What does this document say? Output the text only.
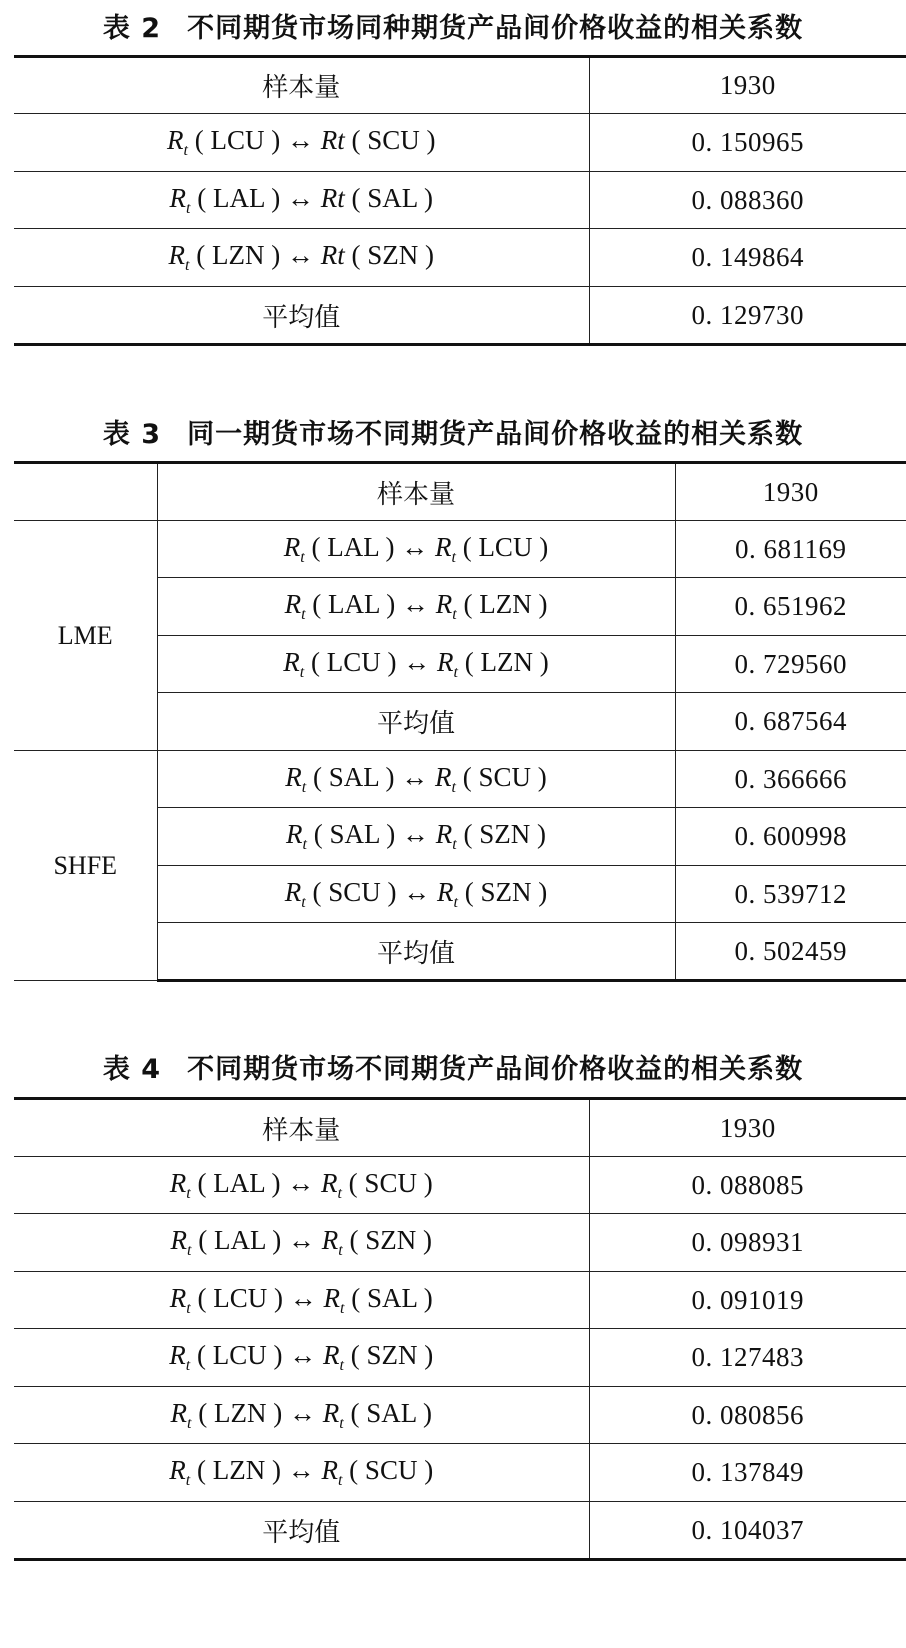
表 2 不同期货市场同种期货产品间价格收益的相关系数
样本量	1930
$R_t$ ( LCU ) ↔ Rt ( SCU )	0. 150965
$R_t$ ( LAL ) ↔ Rt ( SAL )	0. 088360
$R_t$ ( LZN ) ↔ Rt ( SZN )	0. 149864
平均值	0. 129730
表 3 同一期货市场不同期货产品间价格收益的相关系数
	样本量	1930
LME	$R_t$ ( LAL ) ↔ $R_t$ ( LCU )	0. 681169
	$R_t$ ( LAL ) ↔ $R_t$ ( LZN )	0. 651962
	$R_t$ ( LCU ) ↔ $R_t$ ( LZN )	0. 729560
	平均值	0. 687564
SHFE	$R_t$ ( SAL ) ↔ $R_t$ ( SCU )	0. 366666
	$R_t$ ( SAL ) ↔ $R_t$ ( SZN )	0. 600998
	$R_t$ ( SCU ) ↔ $R_t$ ( SZN )	0. 539712
	平均值	0. 502459
表 4 不同期货市场不同期货产品间价格收益的相关系数
样本量	1930
$R_t$ ( LAL ) ↔ $R_t$ ( SCU )	0. 088085
$R_t$ ( LAL ) ↔ $R_t$ ( SZN )	0. 098931
$R_t$ ( LCU ) ↔ $R_t$ ( SAL )	0. 091019
$R_t$ ( LCU ) ↔ $R_t$ ( SZN )	0. 127483
$R_t$ ( LZN ) ↔ $R_t$ ( SAL )	0. 080856
$R_t$ ( LZN ) ↔ $R_t$ ( SCU )	0. 137849
平均值	0. 104037
